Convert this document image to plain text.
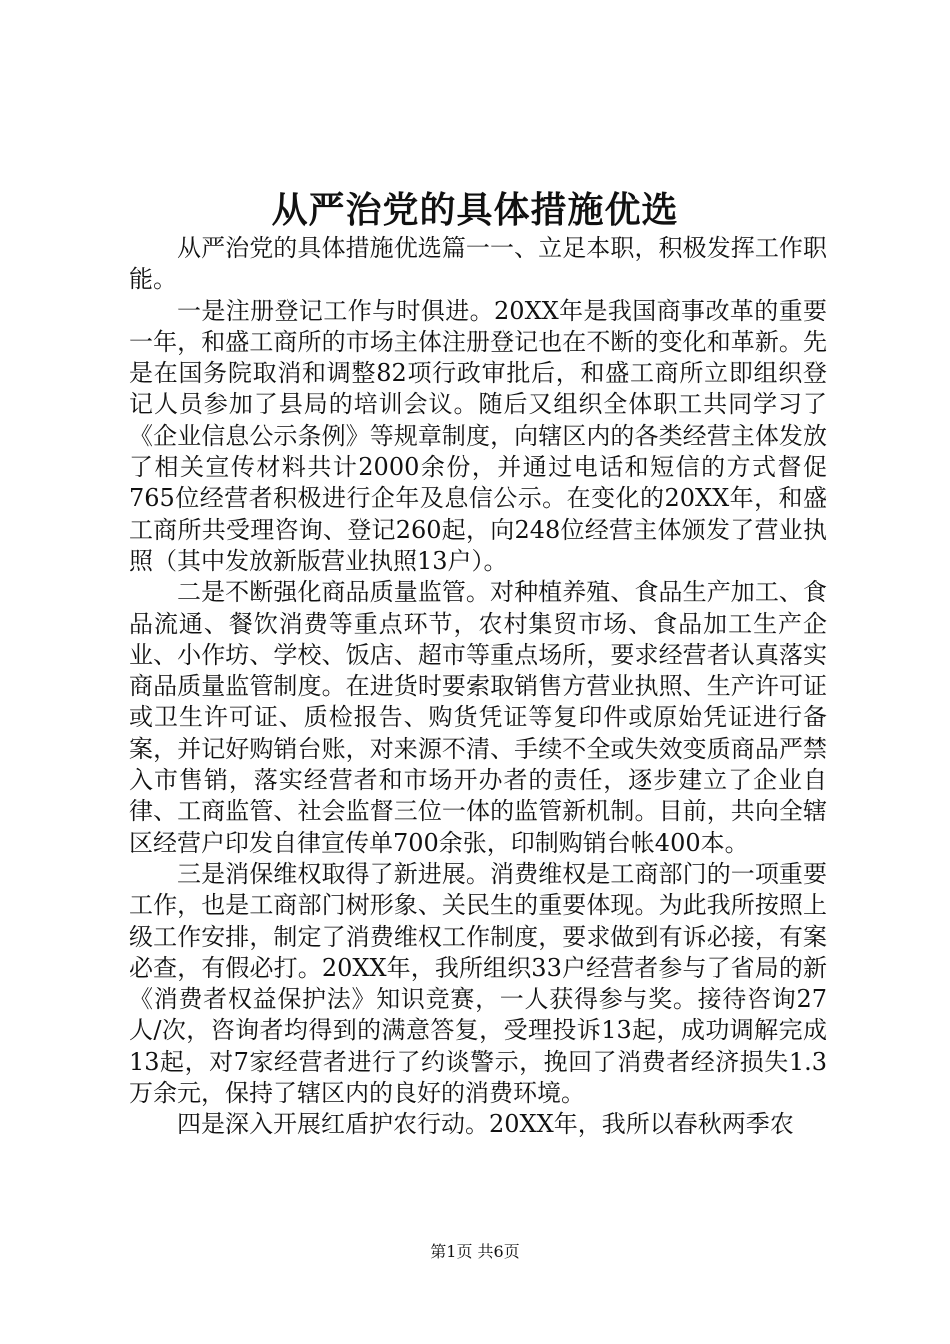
从严治党的具体措施优选

从严治党的具体措施优选篇一一、立足本职，积极发挥工作职能。

一是注册登记工作与时俱进。20XX年是我国商事改革的重要一年，和盛工商所的市场主体注册登记也在不断的变化和革新。先是在国务院取消和调整82项行政审批后，和盛工商所立即组织登记人员参加了县局的培训会议。随后又组织全体职工共同学习了《企业信息公示条例》等规章制度，向辖区内的各类经营主体发放了相关宣传材料共计2000余份，并通过电话和短信的方式督促765位经营者积极进行企年及息信公示。在变化的20XX年，和盛工商所共受理咨询、登记260起，向248位经营主体颁发了营业执照（其中发放新版营业执照13户）。

二是不断强化商品质量监管。对种植养殖、食品生产加工、食品流通、餐饮消费等重点环节，农村集贸市场、食品加工生产企业、小作坊、学校、饭店、超市等重点场所，要求经营者认真落实商品质量监管制度。在进货时要索取销售方营业执照、生产许可证或卫生许可证、质检报告、购货凭证等复印件或原始凭证进行备案，并记好购销台账，对来源不清、手续不全或失效变质商品严禁入市售销，落实经营者和市场开办者的责任，逐步建立了企业自律、工商监管、社会监督三位一体的监管新机制。目前，共向全辖区经营户印发自律宣传单700余张，印制购销台帐400本。

三是消保维权取得了新进展。消费维权是工商部门的一项重要工作，也是工商部门树形象、关民生的重要体现。为此我所按照上级工作安排，制定了消费维权工作制度，要求做到有诉必接，有案必查，有假必打。20XX年，我所组织33户经营者参与了省局的新《消费者权益保护法》知识竞赛，一人获得参与奖。接待咨询27人/次，咨询者均得到的满意答复，受理投诉13起，成功调解完成13起，对7家经营者进行了约谈警示，挽回了消费者经济损失1.3万余元，保持了辖区内的良好的消费环境。

四是深入开展红盾护农行动。20XX年，我所以春秋两季农

第1页 共6页
